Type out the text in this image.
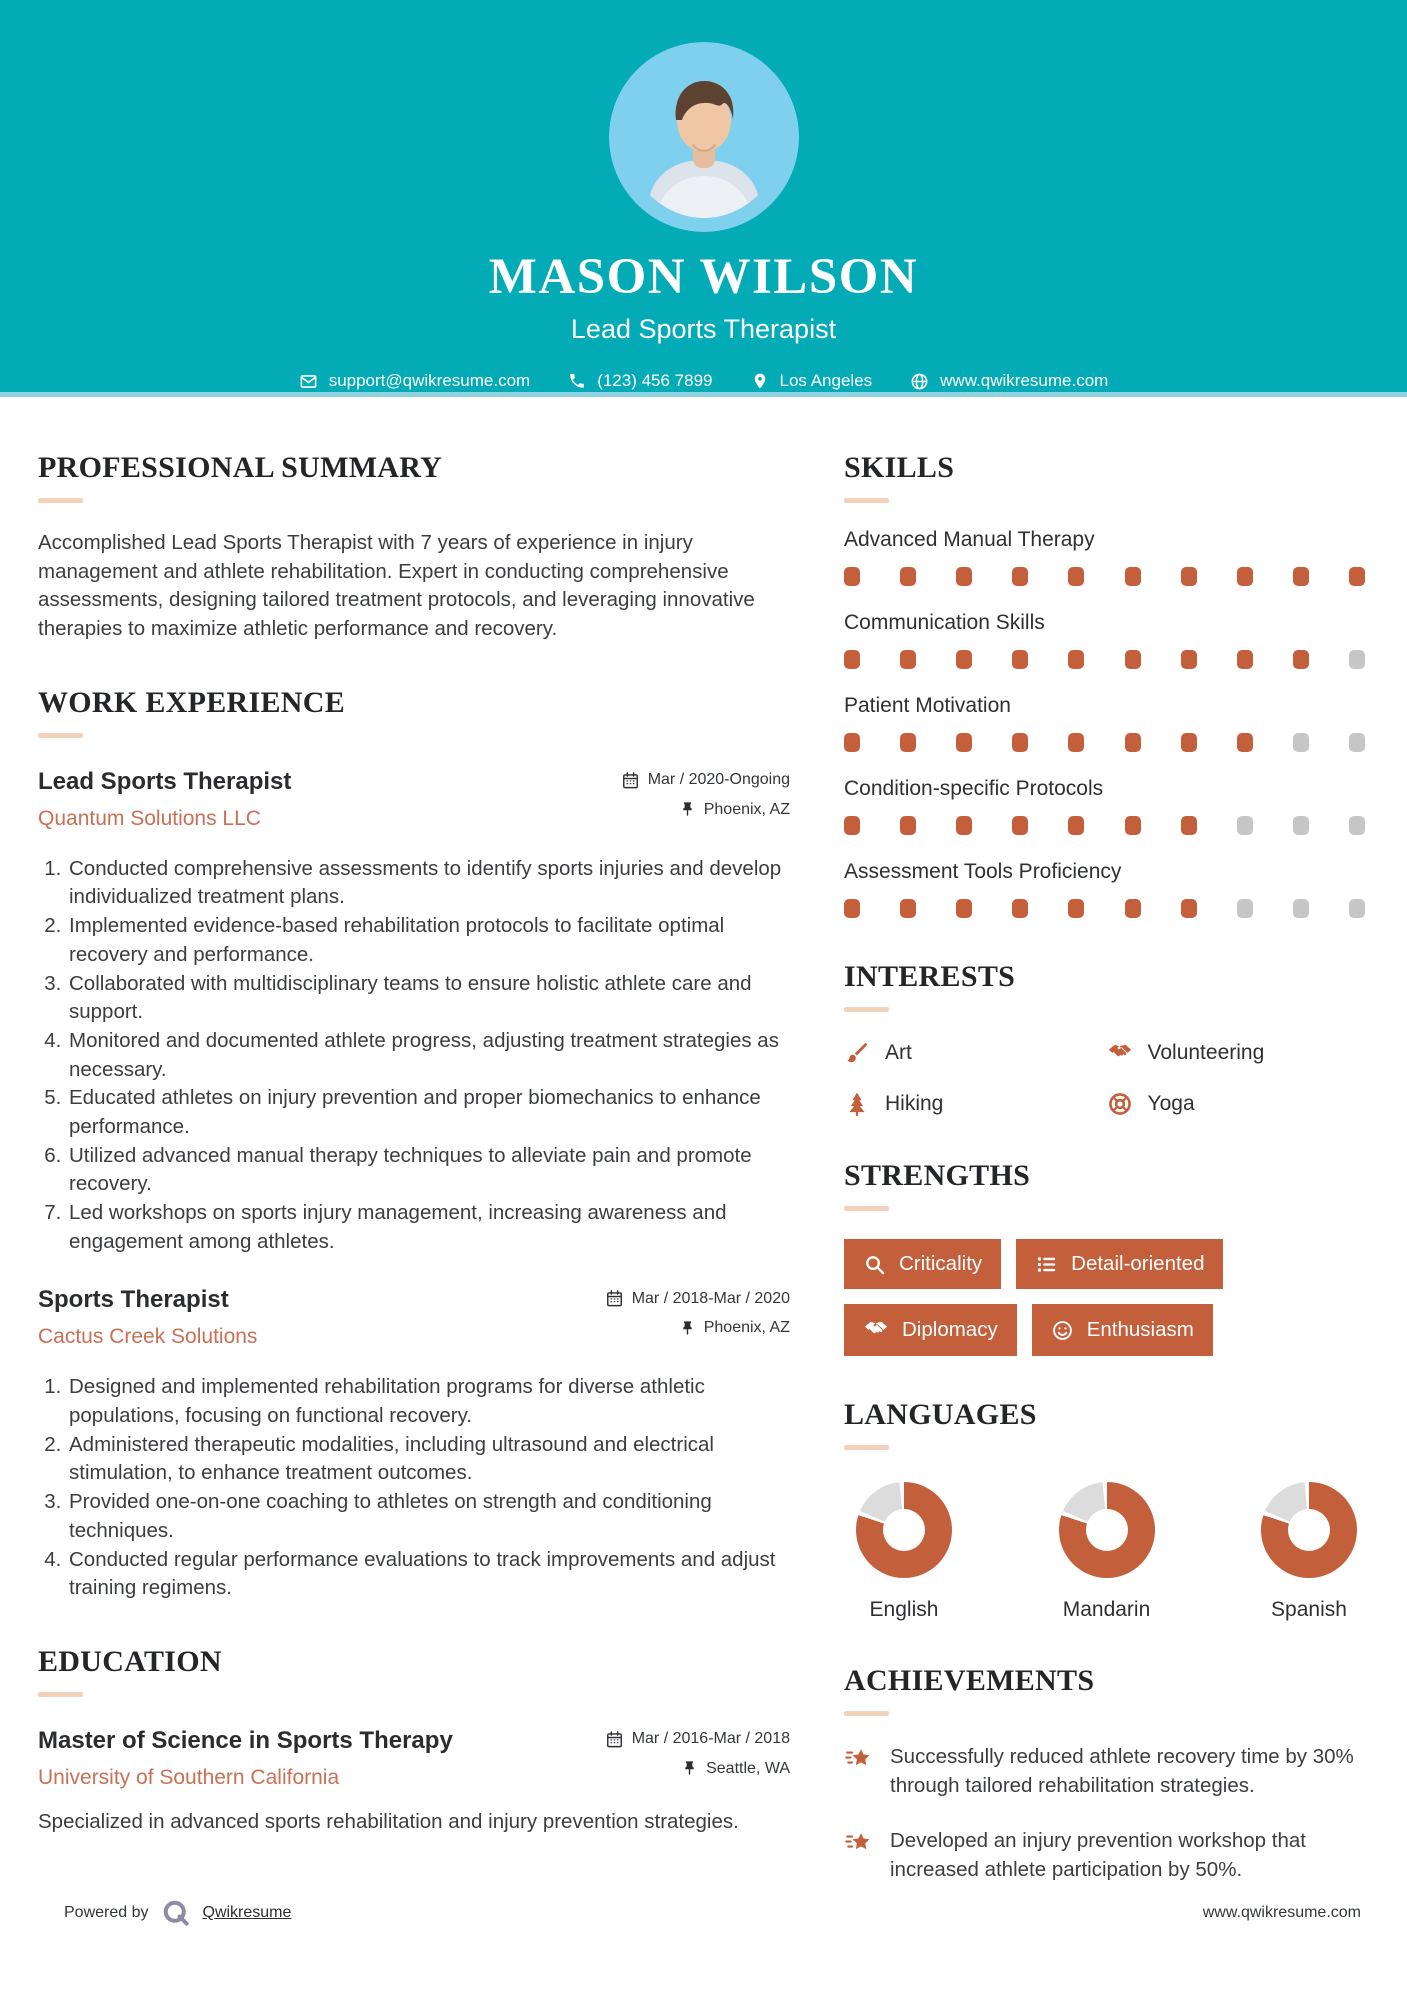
MASON WILSON
Lead Sports Therapist
support@qwikresume.com	(123) 456 7899	Los Angeles	www.qwikresume.com
PROFESSIONAL SUMMARY

Accomplished Lead Sports Therapist with 7 years of experience in injury management and athlete rehabilitation. Expert in conducting comprehensive assessments, designing tailored treatment protocols, and leveraging innovative therapies to maximize athletic performance and recovery.

WORK EXPERIENCE
Lead Sports Therapist
Quantum Solutions LLC
Mar / 2020-Ongoing
Phoenix, AZ
1. Conducted comprehensive assessments to identify sports injuries and develop individualized treatment plans.
2. Implemented evidence-based rehabilitation protocols to facilitate optimal recovery and performance.
3. Collaborated with multidisciplinary teams to ensure holistic athlete care and support.
4. Monitored and documented athlete progress, adjusting treatment strategies as necessary.
5. Educated athletes on injury prevention and proper biomechanics to enhance performance.
6. Utilized advanced manual therapy techniques to alleviate pain and promote recovery.
7. Led workshops on sports injury management, increasing awareness and engagement among athletes.
Sports Therapist
Cactus Creek Solutions
Mar / 2018-Mar / 2020
Phoenix, AZ
1. Designed and implemented rehabilitation programs for diverse athletic populations, focusing on functional recovery.
2. Administered therapeutic modalities, including ultrasound and electrical stimulation, to enhance treatment outcomes.
3. Provided one-on-one coaching to athletes on strength and conditioning techniques.
4. Conducted regular performance evaluations to track improvements and adjust training regimens.
EDUCATION
Master of Science in Sports Therapy
University of Southern California
Mar / 2016-Mar / 2018
Seattle, WA

Specialized in advanced sports rehabilitation and injury prevention strategies.

SKILLS
Advanced Manual Therapy
Communication Skills
Patient Motivation
Condition-specific Protocols
Assessment Tools Proficiency
INTERESTS
Art	Volunteering
Hiking	Yoga
STRENGTHS
Criticality	Detail-oriented
Diplomacy	Enthusiasm
LANGUAGES
English	Mandarin	Spanish
ACHIEVEMENTS
Successfully reduced athlete recovery time by 30% through tailored rehabilitation strategies.
Developed an injury prevention workshop that increased athlete participation by 50%.
Powered by	Qwikresume	www.qwikresume.com
